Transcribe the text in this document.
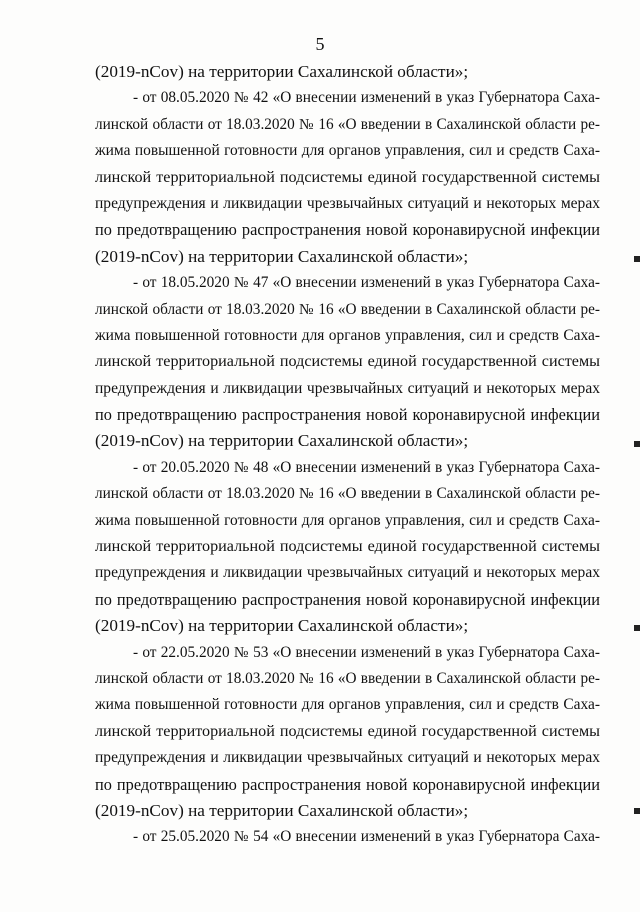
5
(2019-nCov) на территории Сахалинской области»;
- от 08.05.2020 № 42 «О внесении изменений в указ Губернатора Саха-
линской области от 18.03.2020 № 16 «О введении в Сахалинской области ре-
жима повышенной готовности для органов управления, сил и средств Саха-
линской территориальной подсистемы единой государственной системы
предупреждения и ликвидации чрезвычайных ситуаций и некоторых мерах
по предотвращению распространения новой коронавирусной инфекции
(2019-nCov) на территории Сахалинской области»;
- от 18.05.2020 № 47 «О внесении изменений в указ Губернатора Саха-
линской области от 18.03.2020 № 16 «О введении в Сахалинской области ре-
жима повышенной готовности для органов управления, сил и средств Саха-
линской территориальной подсистемы единой государственной системы
предупреждения и ликвидации чрезвычайных ситуаций и некоторых мерах
по предотвращению распространения новой коронавирусной инфекции
(2019-nCov) на территории Сахалинской области»;
- от 20.05.2020 № 48 «О внесении изменений в указ Губернатора Саха-
линской области от 18.03.2020 № 16 «О введении в Сахалинской области ре-
жима повышенной готовности для органов управления, сил и средств Саха-
линской территориальной подсистемы единой государственной системы
предупреждения и ликвидации чрезвычайных ситуаций и некоторых мерах
по предотвращению распространения новой коронавирусной инфекции
(2019-nCov) на территории Сахалинской области»;
- от 22.05.2020 № 53 «О внесении изменений в указ Губернатора Саха-
линской области от 18.03.2020 № 16 «О введении в Сахалинской области ре-
жима повышенной готовности для органов управления, сил и средств Саха-
линской территориальной подсистемы единой государственной системы
предупреждения и ликвидации чрезвычайных ситуаций и некоторых мерах
по предотвращению распространения новой коронавирусной инфекции
(2019-nCov) на территории Сахалинской области»;
- от 25.05.2020 № 54 «О внесении изменений в указ Губернатора Саха-
